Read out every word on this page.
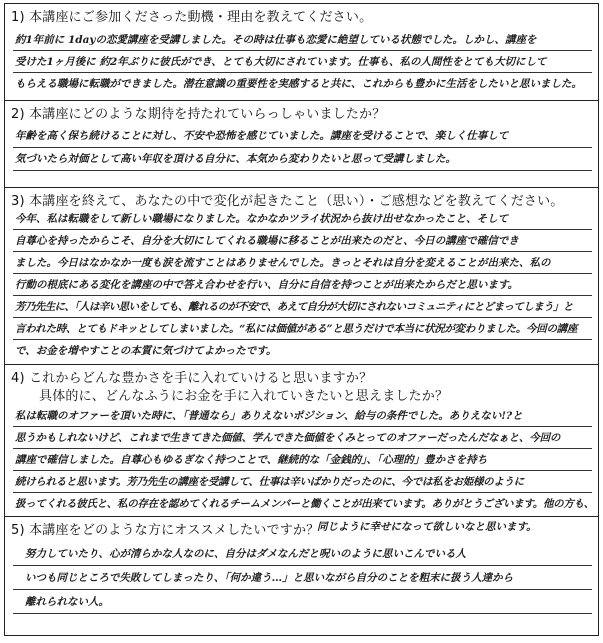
1) 本講座にご参加くださった動機・理由を教えてください。
約1年前に 1dayの恋愛講座を受講しました。その時は仕事も恋愛に絶望している状態でした。しかし、講座を
受けた1ヶ月後に 約2年ぶりに彼氏ができ、とても大切にされています。仕事も、私の人間性をとても大切にして
もらえる職場に転職ができました。潜在意識の重要性を実感すると共に、これからも豊かに生活をしたいと思いました。
2) 本講座にどのような期待を持たれていらっしゃいましたか？
年齢を高く保ち続けることに対し、不安や恐怖を感じていました。講座を受けることで、楽しく仕事して
気づいたら対価として高い年収を頂ける自分に、本気から変わりたいと思って受講しました。
3) 本講座を終えて、あなたの中で変化が起きたこと（思い）・ご感想などを教えてください。
今年、私は転職をして新しい職場になりました。なかなかツライ状況から抜け出せなかったこと、そして
自尊心を持ったからこそ、自分を大切にしてくれる職場に移ることが出来たのだと、今日の講座で確信でき
ました。今日はなかなか一度も涙を流すことはありませんでした。きっとそれは自分を変えることが出来た、私の
行動の根底にある変化を講座の中で答え合わせを行い、自分に自信を持つことが出来たからだと思います。
芳乃先生に、「人は辛い思いをしても、離れるのが不安で、あえて自分が大切にされないコミュニティにとどまってしまう」と
言われた時、とてもドキッとしてしまいました。“私には価値がある”と思うだけで本当に状況が変わりました。今回の講座
で、お金を増やすことの本質に気づけてよかったです。
4) これからどんな豊かさを手に入れていけると思いますか？
具体的に、どんなふうにお金を手に入れていきたいと思えましたか？
私は転職のオファーを頂いた時に、「普通なら」ありえないポジション、給与の条件でした。ありえない!?と
思うかもしれないけど、これまで生きてきた価値、学んできた価値をくみとってのオファーだったんだなぁと、今回の
講座で確信しました。自尊心もゆるぎなく持つことで、継続的な「金銭的」、「心理的」豊かさを持ち
続けられると思います。芳乃先生の講座を受講して、仕事は辛いばかりだったのに、今では私をお姫様のように
扱ってくれる彼氏と、私の存在を認めてくれるチームメンバーと働くことが出来ています。ありがとうございます。他の方も、
5) 本講座をどのような方にオススメしたいですか？
同じように幸せになって欲しいなと思います。
努力していたり、心が清らかな人なのに、自分はダメなんだと呪いのように思いこんでいる人
いつも同じところで失敗してしまったり、「何か違う…」と思いながら自分のことを粗末に扱う人達から
離れられない人。
